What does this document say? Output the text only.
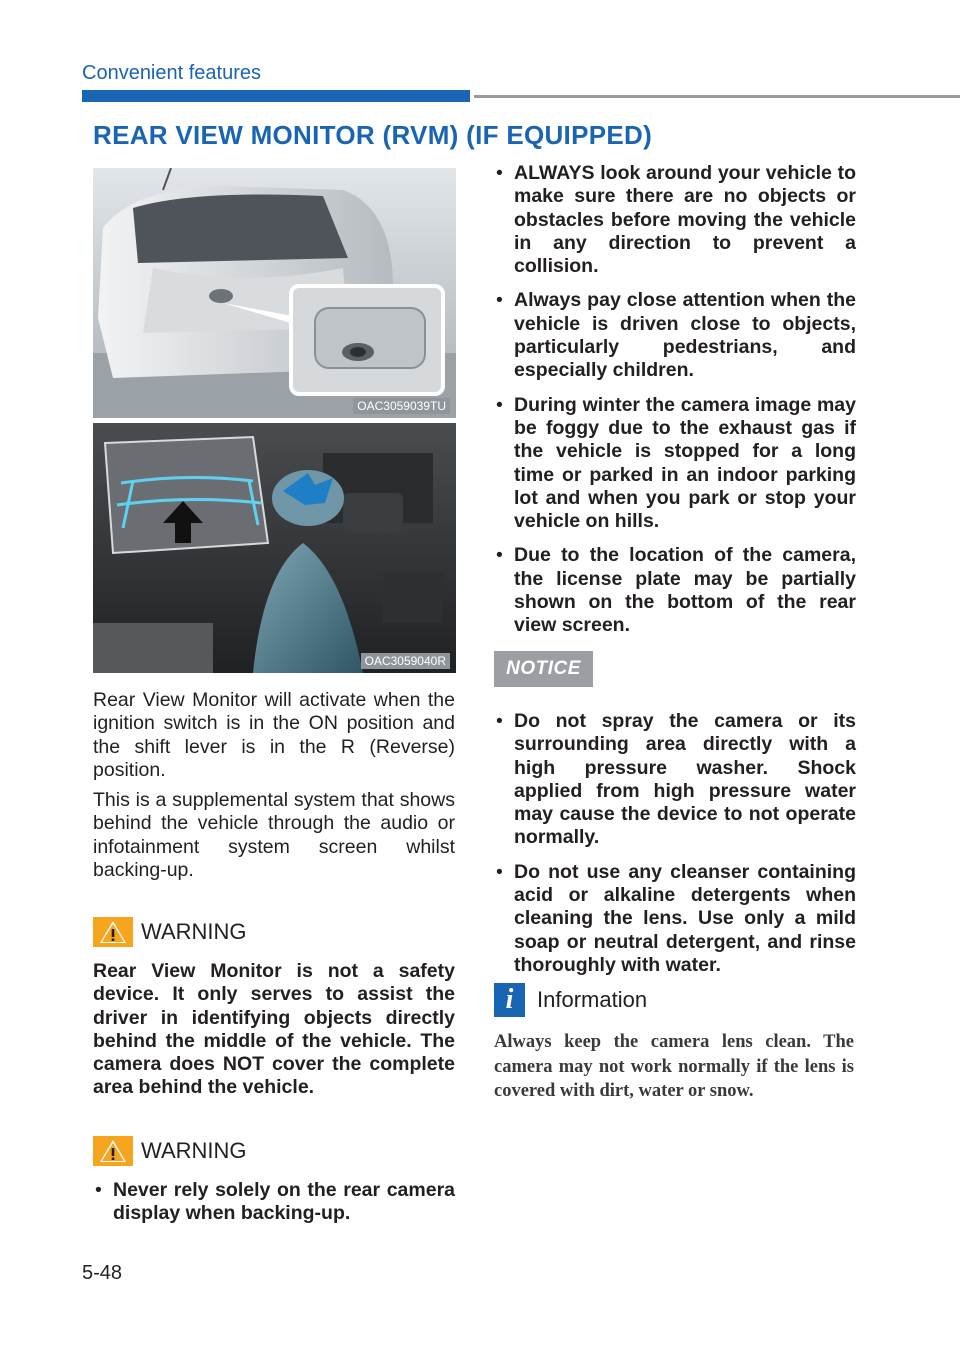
Convenient features
REAR VIEW MONITOR (RVM) (IF EQUIPPED)
OAC3059039TU
OAC3059040R

Rear View Monitor will activate when the ignition switch is in the ON position and the shift lever is in the R (Reverse) position.

This is a supplemental system that shows behind the vehicle through the audio or infotainment system screen whilst backing-up.

WARNING

Rear View Monitor is not a safety device. It only serves to assist the driver in identifying objects directly behind the middle of the vehicle. The camera does NOT cover the complete area behind the vehicle.

WARNING
• Never rely solely on the rear camera display when backing-up.
• ALWAYS look around your vehicle to make sure there are no objects or obstacles before moving the vehicle in any direction to prevent a collision.
• Always pay close attention when the vehicle is driven close to objects, particularly pedestrians, and especially children.
• During winter the camera image may be foggy due to the exhaust gas if the vehicle is stopped for a long time or parked in an indoor parking lot and when you park or stop your vehicle on hills.
• Due to the location of the camera, the license plate may be partially shown on the bottom of the rear view screen.
NOTICE
• Do not spray the camera or its surrounding area directly with a high pressure washer. Shock applied from high pressure water may cause the device to not operate normally.
• Do not use any cleanser containing acid or alkaline detergents when cleaning the lens. Use only a mild soap or neutral detergent, and rinse thoroughly with water.
i	Information

Always keep the camera lens clean. The camera may not work normally if the lens is covered with dirt, water or snow.

5-48
